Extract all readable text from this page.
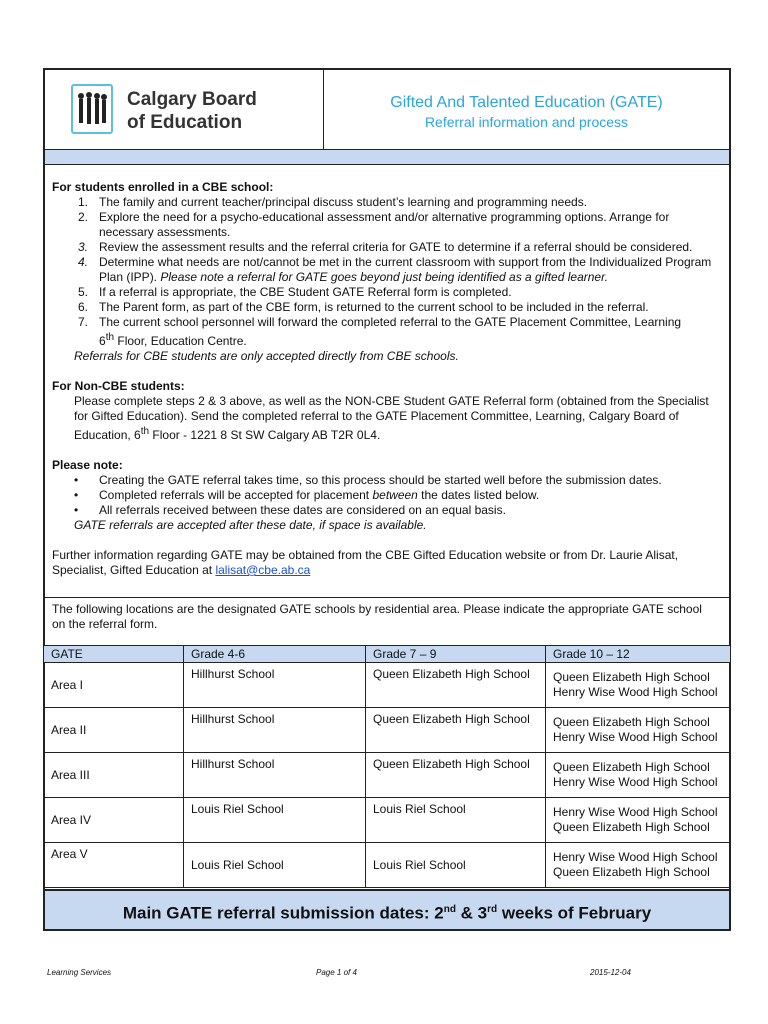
Calgary Board
of Education
Gifted And Talented Education (GATE)
Referral information and process
For students enrolled in a CBE school:
1. The family and current teacher/principal discuss student’s learning and programming needs.
2. Explore the need for a psycho-educational assessment and/or alternative programming options. Arrange for necessary assessments.
3. Review the assessment results and the referral criteria for GATE to determine if a referral should be considered.
4. Determine what needs are not/cannot be met in the current classroom with support from the Individualized Program Plan (IPP). Please note a referral for GATE goes beyond just being identified as a gifted learner.
5. If a referral is appropriate, the CBE Student GATE Referral form is completed.
6. The Parent form, as part of the CBE form, is returned to the current school to be included in the referral.
7. The current school personnel will forward the completed referral to the GATE Placement Committee, Learning
6th Floor, Education Centre.
Referrals for CBE students are only accepted directly from CBE schools.
For Non-CBE students:
Please complete steps 2 & 3 above, as well as the NON-CBE Student GATE Referral form (obtained from the Specialist for Gifted Education). Send the completed referral to the GATE Placement Committee, Learning, Calgary Board of Education, 6th Floor - 1221 8 St SW Calgary AB T2R 0L4.
Please note:
• Creating the GATE referral takes time, so this process should be started well before the submission dates.
• Completed referrals will be accepted for placement between the dates listed below.
• All referrals received between these dates are considered on an equal basis.
GATE referrals are accepted after these date, if space is available.
Further information regarding GATE may be obtained from the CBE Gifted Education website or from Dr. Laurie Alisat, Specialist, Gifted Education at lalisat@cbe.ab.ca
The following locations are the designated GATE schools by residential area. Please indicate the appropriate GATE school on the referral form.
GATE	Grade 4-6	Grade 7 – 9	Grade 10 – 12
Area I	Hillhurst School	Queen Elizabeth High School	Queen Elizabeth High School Henry Wise Wood High School
Area II	Hillhurst School	Queen Elizabeth High School	Queen Elizabeth High School Henry Wise Wood High School
Area III	Hillhurst School	Queen Elizabeth High School	Queen Elizabeth High School Henry Wise Wood High School
Area IV	Louis Riel School	Louis Riel School	Henry Wise Wood High School Queen Elizabeth High School
Area V	Louis Riel School	Louis Riel School	Henry Wise Wood High School Queen Elizabeth High School
Main GATE referral submission dates: 2nd & 3rd weeks of February
Learning Services	Page 1 of 4	2015-12-04
